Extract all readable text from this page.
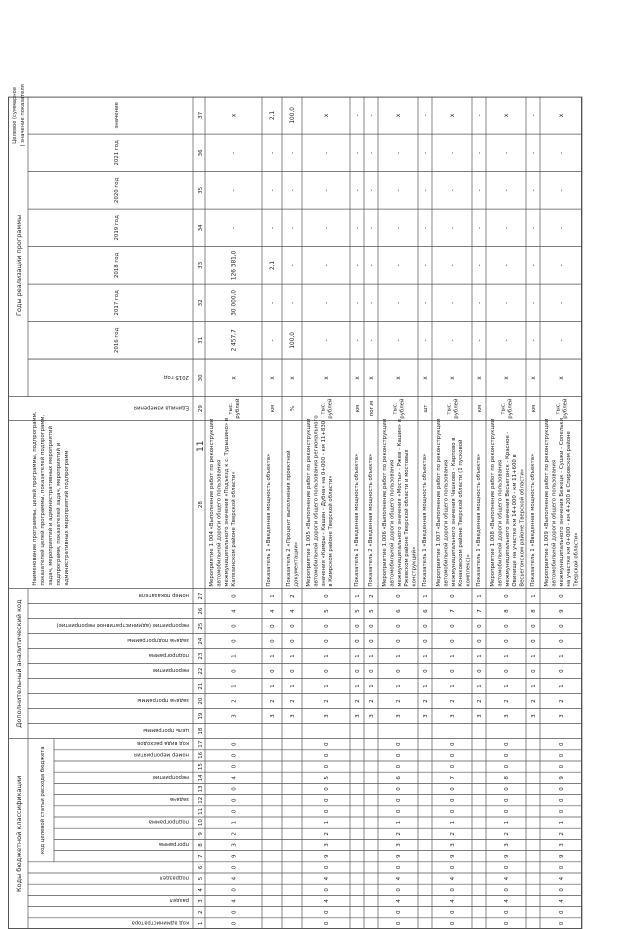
11
Коды бюджетной классификации
Дополнительный аналитический код
Годы реализации программы
Целевое (суммарное ) значение показателя
код целевой статьи расхода бюджета
код администратора
раздел
подраздел
программа
подпрограмма
задача
мероприятие
номер мероприятия
код вида расходов
цель программы
задача программы
мероприятие
подпрограмма
задача подпрограммы
мероприятие (административное мероприятие)
номер показателя
Единица измерения
Наименование программы, целей программы, подпрограмм, показателей целей программы, показателей подпрограмм, задач, мероприятий и административных мероприятий подпрограмм, показателей задач, мероприятий и административных мероприятий подпрограмм
2015 год
2016 год
2017 год
2018 год
2019 год
2020 год
2021 год
значение
1
2
3
4
5
6
7
8
9
10
11
12
13
14
15
16
17
18
19
20
21
22
23
24
25
26
27
28
29
30
31
32
33
34
35
36
37
0
0
4
0
4
0
9
3
2
1
0
0
0
4
0
0
0
3
2
1
0
1
0
0
4
0
Мероприятие 1.004 «Выполнение работ по реконструкции автомобильной дороги общего пользования межмуниципального значения «Подъезд к с. Турышино» в Калязинском районе Тверской области»
тыс. рублей
х
2 457,7
30 000,0
126 381,0
-
-
-
х
3
2
1
0
1
0
0
4
1
Показатель 1 «Введенная мощность объекта»
км
х
-
-
2,1
-
-
-
2,1
3
2
1
0
1
0
0
4
2
Показатель 2 «Процент выполнения проектной документации»
%
х
100,0
-
-
-
-
-
100,0
0
0
4
0
4
0
9
3
2
1
0
0
0
5
0
0
0
3
2
1
0
1
0
0
5
0
Мероприятие 1.005 «Выполнение работ по реконструкции автомобильной дороги общего пользования регионального значения «Кимры - Кашин - Дубна» на 0+000 - км 11+830 в Кимрском районе Тверской области»
тыс. рублей
х
-
-
-
-
-
-
х
3
2
1
0
1
0
0
5
1
Показатель 1 «Введенная мощность объекта»
км
х
-
-
-
-
-
-
-
3
2
1
0
1
0
0
5
2
Показатель 2 «Введенная мощность объекта»
пог.м
х
-
-
-
-
-
-
-
0
0
4
0
4
0
9
3
2
1
0
0
0
6
0
0
0
3
2
1
0
1
0
0
6
0
Мероприятие 1.006 «Выполнение работ по реконструкции автомобильной дороги общего пользования межмуниципального значения «Мосты» - Ржев - Кашин» в Ржевском районе Тверской области и мостовых конструкций»
тыс. рублей
х
-
-
-
-
-
-
х
3
2
1
0
1
0
0
6
1
Показатель 1 «Введенная мощность объекта»
шт
х
-
-
-
-
-
-
-
0
0
4
0
4
0
9
3
2
1
0
0
0
7
0
0
0
3
2
1
0
1
0
0
7
0
Мероприятие 1.007 «Выполнение работ по реконструкции автомобильной дороги общего пользования межмуниципального значения Чашково - Карпово в Конаковском районе Тверской области (1 пусковой комплекс)»
тыс. рублей
х
-
-
-
-
-
-
х
3
2
1
0
1
0
0
7
1
Показатель 1 «Введенная мощность объекта»
км
х
-
-
-
-
-
-
-
0
0
4
0
4
0
9
3
2
1
0
0
0
8
0
0
0
3
2
1
0
1
0
0
8
0
Мероприятие 1.008 «Выполнение работ по реконструкции автомобильной дороги общего пользования межмуниципального значения Весьегонск - Красное - Овинище на участке км 14+000 - км 11+600 в Весьегонском районе Тверской области»
тыс. рублей
х
-
-
-
-
-
-
х
3
2
1
0
1
0
0
8
1
Показатель 1 «Введенная мощность объекта»
км
х
-
-
-
-
-
-
-
0
0
4
0
4
0
9
3
2
1
0
0
0
9
0
0
0
3
2
1
0
1
0
0
9
0
Мероприятие 1.009 «Выполнение работ по реконструкции автомобильной дороги общего пользования межмуниципального значения Бежецк - Сушки - Сопельки на участке км 0+000 - км 4+200 в Спировском районе Тверской области»
тыс. рублей
х
-
-
-
-
-
-
х
